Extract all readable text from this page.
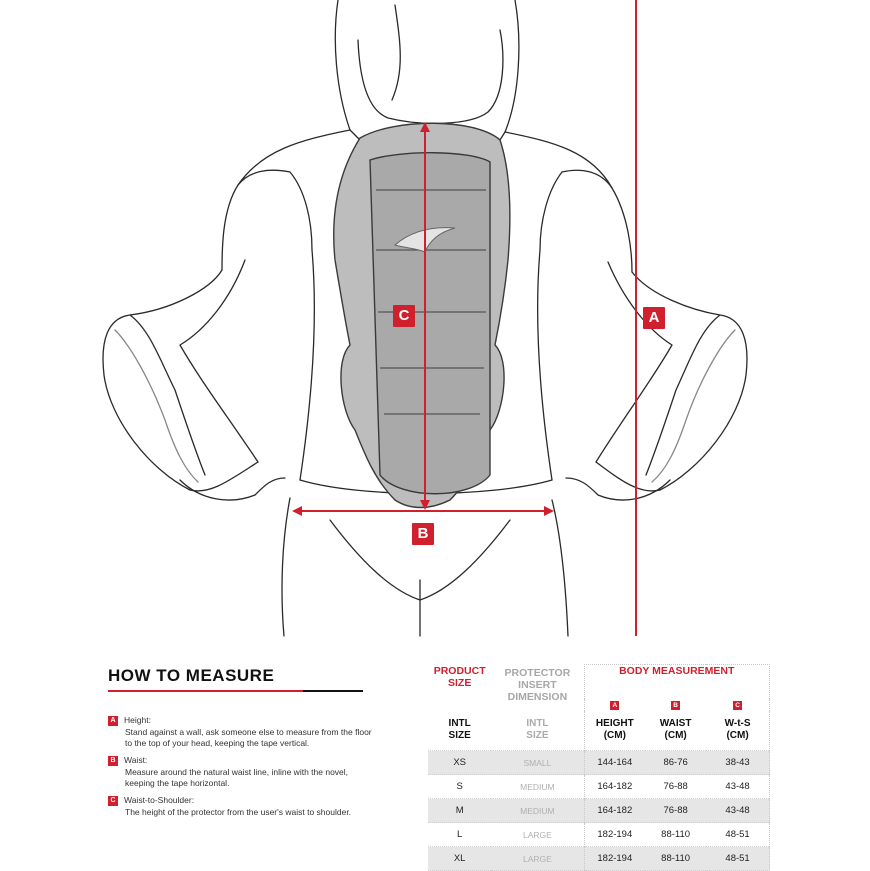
C	A
B
HOW TO MEASURE
A Height:
Stand against a wall, ask someone else to measure from the floor to the top of your head, keeping the tape vertical.
B Waist:
Measure around the natural waist line, inline with the novel, keeping the tape horizontal.
C Waist-to-Shoulder:
The height of the protector from the user's waist to shoulder.
PRODUCT SIZE	PROTECTOR INSERT DIMENSION	BODY MEASUREMENT		
		A	B	C
INTL SIZE	INTL SIZE	HEIGHT (CM)	WAIST (CM)	W-t-S (CM)
XS	SMALL	144-164	86-76	38-43
S	MEDIUM	164-182	76-88	43-48
M	MEDIUM	164-182	76-88	43-48
L	LARGE	182-194	88-110	48-51
XL	LARGE	182-194	88-110	48-51
